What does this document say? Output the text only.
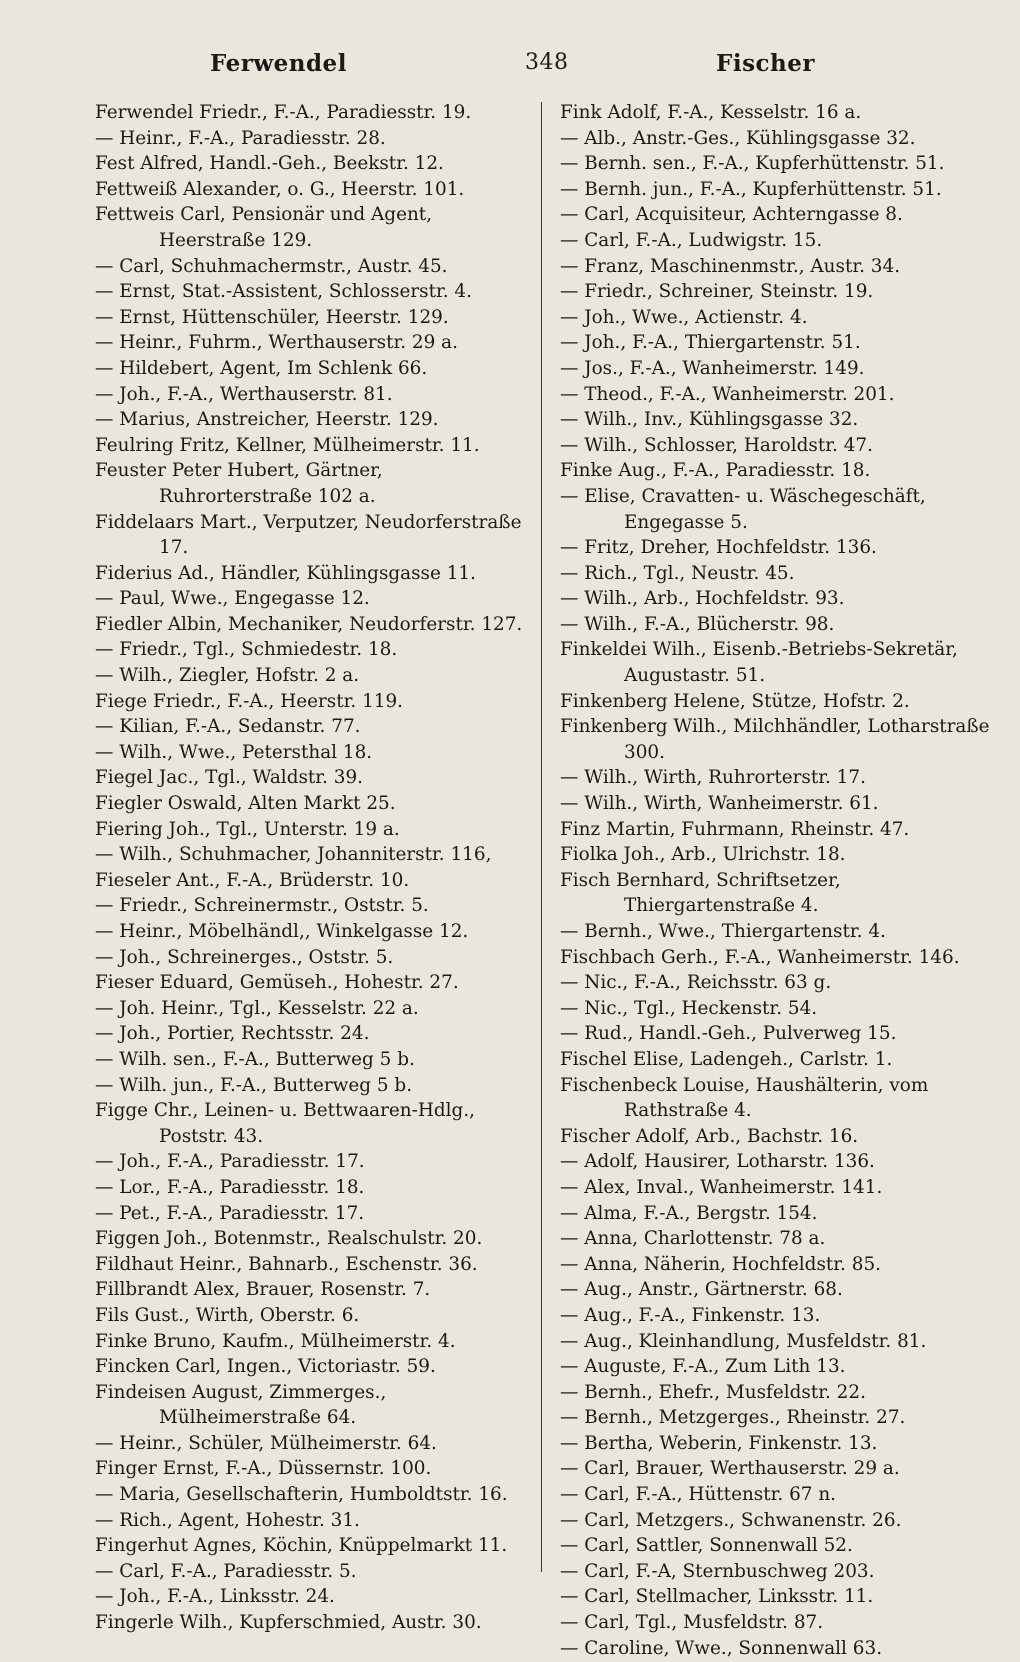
Ferwendel	348	Fischer

Ferwendel Friedr., F.-A., Paradiesstr. 19.

— Heinr., F.-A., Paradiesstr. 28.

Fest Alfred, Handl.-Geh., Beekstr. 12.

Fettweiß Alexander, o. G., Heerstr. 101.

Fettweis Carl, Pensionär und Agent, Heerstraße 129.

— Carl, Schuhmachermstr., Austr. 45.

— Ernst, Stat.-Assistent, Schlosserstr. 4.

— Ernst, Hüttenschüler, Heerstr. 129.

— Heinr., Fuhrm., Werthauserstr. 29 a.

— Hildebert, Agent, Im Schlenk 66.

— Joh., F.-A., Werthauserstr. 81.

— Marius, Anstreicher, Heerstr. 129.

Feulring Fritz, Kellner, Mülheimerstr. 11.

Feuster Peter Hubert, Gärtner, Ruhrorterstraße 102 a.

Fiddelaars Mart., Verputzer, Neudorferstraße 17.

Fiderius Ad., Händler, Kühlingsgasse 11.

— Paul, Wwe., Engegasse 12.

Fiedler Albin, Mechaniker, Neudorferstr. 127.

— Friedr., Tgl., Schmiedestr. 18.

— Wilh., Ziegler, Hofstr. 2 a.

Fiege Friedr., F.-A., Heerstr. 119.

— Kilian, F.-A., Sedanstr. 77.

— Wilh., Wwe., Petersthal 18.

Fiegel Jac., Tgl., Waldstr. 39.

Fiegler Oswald, Alten Markt 25.

Fiering Joh., Tgl., Unterstr. 19 a.

— Wilh., Schuhmacher, Johanniterstr. 116,

Fieseler Ant., F.-A., Brüderstr. 10.

— Friedr., Schreinermstr., Oststr. 5.

— Heinr., Möbelhändl,, Winkelgasse 12.

— Joh., Schreinerges., Oststr. 5.

Fieser Eduard, Gemüseh., Hohestr. 27.

— Joh. Heinr., Tgl., Kesselstr. 22 a.

— Joh., Portier, Rechtsstr. 24.

— Wilh. sen., F.-A., Butterweg 5 b.

— Wilh. jun., F.-A., Butterweg 5 b.

Figge Chr., Leinen- u. Bettwaaren-Hdlg., Poststr. 43.

— Joh., F.-A., Paradiesstr. 17.

— Lor., F.-A., Paradiesstr. 18.

— Pet., F.-A., Paradiesstr. 17.

Figgen Joh., Botenmstr., Realschulstr. 20.

Fildhaut Heinr., Bahnarb., Eschenstr. 36.

Fillbrandt Alex, Brauer, Rosenstr. 7.

Fils Gust., Wirth, Oberstr. 6.

Finke Bruno, Kaufm., Mülheimerstr. 4.

Fincken Carl, Ingen., Victoriastr. 59.

Findeisen August, Zimmerges., Mülheimerstraße 64.

— Heinr., Schüler, Mülheimerstr. 64.

Finger Ernst, F.-A., Düssernstr. 100.

— Maria, Gesellschafterin, Humboldtstr. 16.

— Rich., Agent, Hohestr. 31.

Fingerhut Agnes, Köchin, Knüppelmarkt 11.

— Carl, F.-A., Paradiesstr. 5.

— Joh., F.-A., Linksstr. 24.

Fingerle Wilh., Kupferschmied, Austr. 30.

Fink Adolf, F.-A., Kesselstr. 16 a.

— Alb., Anstr.-Ges., Kühlingsgasse 32.

— Bernh. sen., F.-A., Kupferhüttenstr. 51.

— Bernh. jun., F.-A., Kupferhüttenstr. 51.

— Carl, Acquisiteur, Achterngasse 8.

— Carl, F.-A., Ludwigstr. 15.

— Franz, Maschinenmstr., Austr. 34.

— Friedr., Schreiner, Steinstr. 19.

— Joh., Wwe., Actienstr. 4.

— Joh., F.-A., Thiergartenstr. 51.

— Jos., F.-A., Wanheimerstr. 149.

— Theod., F.-A., Wanheimerstr. 201.

— Wilh., Inv., Kühlingsgasse 32.

— Wilh., Schlosser, Haroldstr. 47.

Finke Aug., F.-A., Paradiesstr. 18.

— Elise, Cravatten- u. Wäschegeschäft, Engegasse 5.

— Fritz, Dreher, Hochfeldstr. 136.

— Rich., Tgl., Neustr. 45.

— Wilh., Arb., Hochfeldstr. 93.

— Wilh., F.-A., Blücherstr. 98.

Finkeldei Wilh., Eisenb.-Betriebs-Sekretär, Augustastr. 51.

Finkenberg Helene, Stütze, Hofstr. 2.

Finkenberg Wilh., Milchhändler, Lotharstraße 300.

— Wilh., Wirth, Ruhrorterstr. 17.

— Wilh., Wirth, Wanheimerstr. 61.

Finz Martin, Fuhrmann, Rheinstr. 47.

Fiolka Joh., Arb., Ulrichstr. 18.

Fisch Bernhard, Schriftsetzer, Thiergartenstraße 4.

— Bernh., Wwe., Thiergartenstr. 4.

Fischbach Gerh., F.-A., Wanheimerstr. 146.

— Nic., F.-A., Reichsstr. 63 g.

— Nic., Tgl., Heckenstr. 54.

— Rud., Handl.-Geh., Pulverweg 15.

Fischel Elise, Ladengeh., Carlstr. 1.

Fischenbeck Louise, Haushälterin, vom Rathstraße 4.

Fischer Adolf, Arb., Bachstr. 16.

— Adolf, Hausirer, Lotharstr. 136.

— Alex, Inval., Wanheimerstr. 141.

— Alma, F.-A., Bergstr. 154.

— Anna, Charlottenstr. 78 a.

— Anna, Näherin, Hochfeldstr. 85.

— Aug., Anstr., Gärtnerstr. 68.

— Aug., F.-A., Finkenstr. 13.

— Aug., Kleinhandlung, Musfeldstr. 81.

— Auguste, F.-A., Zum Lith 13.

— Bernh., Ehefr., Musfeldstr. 22.

— Bernh., Metzgerges., Rheinstr. 27.

— Bertha, Weberin, Finkenstr. 13.

— Carl, Brauer, Werthauserstr. 29 a.

— Carl, F.-A., Hüttenstr. 67 n.

— Carl, Metzgers., Schwanenstr. 26.

— Carl, Sattler, Sonnenwall 52.

— Carl, F.-A, Sternbuschweg 203.

— Carl, Stellmacher, Linksstr. 11.

— Carl, Tgl., Musfeldstr. 87.

— Caroline, Wwe., Sonnenwall 63.
